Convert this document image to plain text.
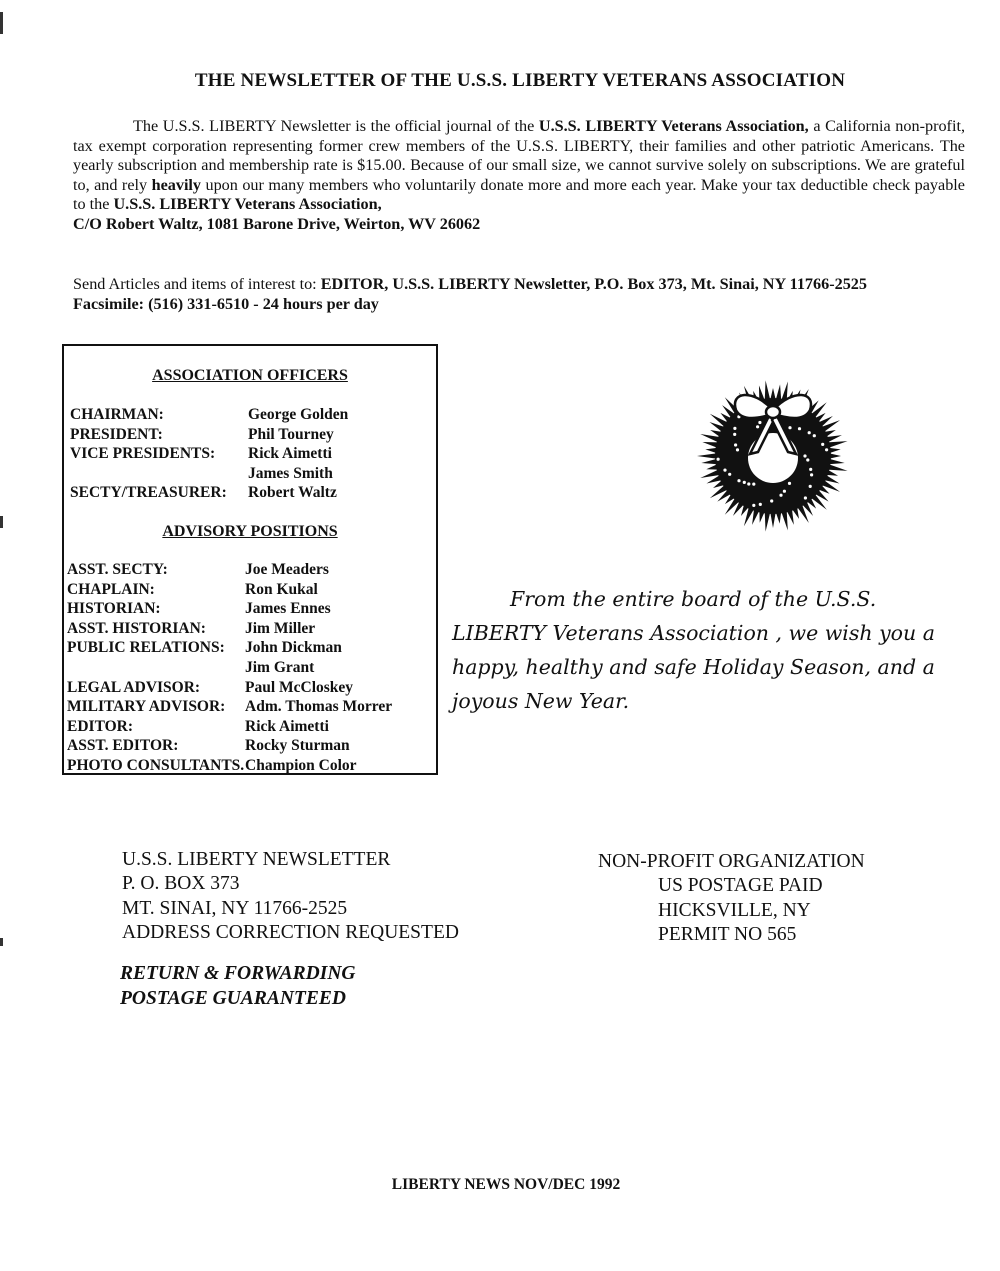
THE NEWSLETTER OF THE U.S.S. LIBERTY VETERANS ASSOCIATION
The U.S.S. LIBERTY Newsletter is the official journal of the U.S.S. LIBERTY Veterans Association, a California non-profit, tax exempt corporation representing former crew members of the U.S.S. LIBERTY, their families and other patriotic Americans. The yearly subscription and membership rate is $15.00. Because of our small size, we cannot survive solely on subscriptions. We are grateful to, and rely heavily upon our many members who voluntarily donate more and more each year. Make your tax deductible check payable to the U.S.S. LIBERTY Veterans Association,
C/O Robert Waltz, 1081 Barone Drive, Weirton, WV 26062
Send Articles and items of interest to: EDITOR, U.S.S. LIBERTY Newsletter, P.O. Box 373, Mt. Sinai, NY 11766-2525
Facsimile: (516) 331-6510 - 24 hours per day
ASSOCIATION OFFICERS
CHAIRMAN:	George Golden
PRESIDENT:	Phil Tourney
VICE PRESIDENTS: Rick Aimetti
James Smith
SECTY/TREASURER: Robert Waltz
ADVISORY POSITIONS
ASST. SECTY:	Joe Meaders
CHAPLAIN:	Ron Kukal
HISTORIAN:	James Ennes
ASST. HISTORIAN:	Jim Miller
PUBLIC RELATIONS: John Dickman
Jim Grant
LEGAL ADVISOR:	Paul McCloskey
MILITARY ADVISOR: Adm. Thomas Morrer
EDITOR:	Rick Aimetti
ASST. EDITOR:	Rocky Sturman
PHOTO CONSULTANTS. Champion Color
From the entire board of the U.S.S. LIBERTY Veterans Association , we wish you a happy, healthy and safe Holiday Season, and a joyous New Year.
U.S.S. LIBERTY NEWSLETTER
P. O. BOX 373
MT. SINAI, NY 11766-2525
ADDRESS CORRECTION REQUESTED
NON-PROFIT ORGANIZATION
US POSTAGE PAID
HICKSVILLE, NY
PERMIT NO 565
RETURN & FORWARDING
POSTAGE GUARANTEED
LIBERTY NEWS NOV/DEC 1992
